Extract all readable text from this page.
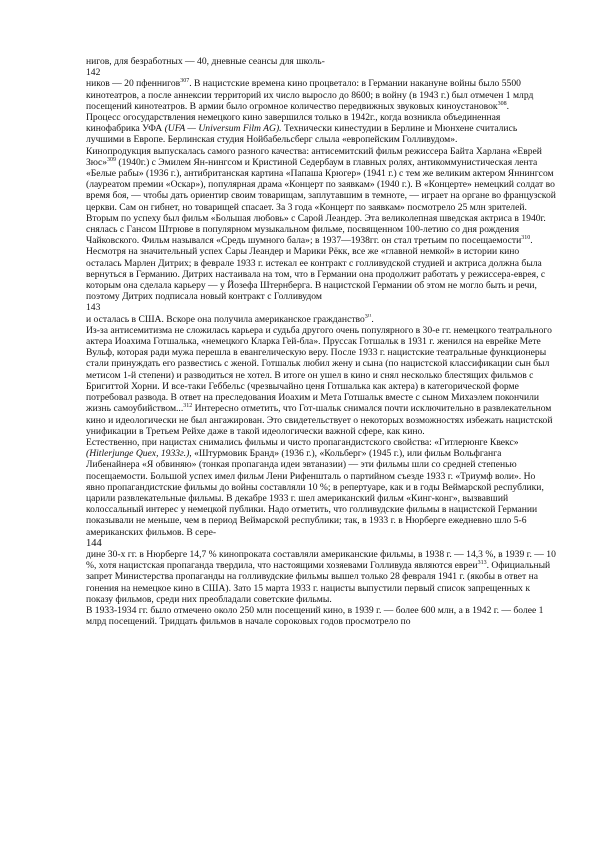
нигов, для безработных — 40, дневные сеансы для школь-

142

ников — 20 пфеннигов$^{307}$. В нацистские времена кино процветало: в Германии накануне войны было 5500 кинотеатров, а после аннексии территорий их число выросло до 8600; в войну (в 1943 г.) был отмечен 1 млрд посещений кинотеатров. В армии было огромное количество передвижных звуковых киноустановок$^{308}$.

Процесс огосударствления немецкого кино завершился только в 1942г., когда возникла объединенная кинофабрика УФА (UFA — Universum Film AG). Технически кинестудии в Берлине и Мюнхене считались лучшими в Европе. Берлинская студия Нойбабельсберг слыла «европейским Голливудом».

Кинопродукция выпускалась самого разного качества: антисемитский фильм режиссера Байта Харлана «Еврей Зюс»$^{309}$ (1940г.) с Эмилем Ян-нингсом и Кристиной Седербаум в главных ролях, антикоммунистическая лента «Белые рабы» (1936 г.), антибританская картина «Папаша Крюгер» (1941 г.) с тем же великим актером Яннингсом (лауреатом премии «Оскар»), популярная драма «Концерт по заявкам» (1940 г.). В «Концерте» немецкий солдат во время боя, — чтобы дать ориентир своим товарищам, заплутавшим в темноте, — играет на органе во французской церкви. Сам он гибнет, но товарищей спасает. За 3 года «Концерт по заявкам» посмотрело 25 млн зрителей. Вторым по успеху был фильм «Большая любовь» с Сарой Леандер. Эта великолепная шведская актриса в 1940г. снялась с Гансом Штрюве в популярном музыкальном фильме, посвященном 100-летию со дня рождения Чайковского. Фильм назывался «Средь шумного бала»; в 1937—1938гг. он стал третьим по посещаемости$^{310}$.

Несмотря на значительный успех Сары Леандер и Марики Рёкк, все же «главной немкой» в истории кино осталась Марлен Дитрих; в феврале 1933 г. истекал ее контракт с голливудской студией и актриса должна была вернуться в Германию. Дитрих настаивала на том, что в Германии она продолжит работать у режиссера-еврея, с которым она сделала карьеру — у Йозефа Штернберга. В нацистской Германии об этом не могло быть и речи, поэтому Дитрих подписала новый контракт с Голливудом

143

и осталась в США. Вскоре она получила американское гражданство$^{3^{11}}$.

Из-за антисемитизма не сложилась карьера и судьба другого очень популярного в 30-е гг. немецкого театрального актера Иоахима Готшалька, «немецкого Кларка Гей-бла». Пруссак Готшальк в 1931 г. женился на еврейке Мете Вульф, которая ради мужа перешла в евангелическую веру. После 1933 г. нацистские театральные функционеры стали принуждать его развестись с женой. Готшальк любил жену и сына (по нацистской классификации сын был метисом 1-й степени) и разводиться не хотел. В итоге он ушел в кино и снял несколько блестящих фильмов с Бригиттой Хорни. И все-таки Геббельс (чрезвычайно ценя Готшалька как актера) в категорической форме потребовал развода. В ответ на преследования Иоахим и Мета Готшальк вместе с сыном Михаэлем покончили жизнь самоубийством...$^{312}$ Интересно отметить, что Гот-шальк снимался почти исключительно в развлекательном кино и идеологически не был ангажирован. Это свидетельствует о некоторых возможностях избежать нацистской унификации в Третьем Рейхе даже в такой идеологически важной сфере, как кино.

Естественно, при нацистах снимались фильмы и чисто пропагандистского свойства: «Гитлерюнге Квекс» (Hitlerjunge Quex, 1933г.), «Штурмовик Бранд» (1936 г.), «Кольберг» (1945 г.), или фильм Вольфганга Либенайнера «Я обвиняю» (тонкая пропаганда идеи эвтаназии) — эти фильмы шли со средней степенью посещаемости. Большой успех имел фильм Лени Рифеншталь о партийном съезде 1933 г. «Триумф воли». Но явно пропагандистские фильмы до войны составляли 10 %; в репертуаре, как и в годы Веймарской республики, царили развлекательные фильмы. В декабре 1933 г. шел американский фильм «Кинг-конг», вызвавший колоссальный интерес у немецкой публики. Надо отметить, что голливудские фильмы в нацистской Германии показывали не меньше, чем в период Веймарской республики; так, в 1933 г. в Нюрберге ежедневно шло 5-6 американских фильмов. В сере-

144

дине 30-х гг. в Нюрберге 14,7 % кинопроката составляли американские фильмы, в 1938 г. — 14,3 %, в 1939 г. — 10 %, хотя нацистская пропаганда твердила, что настоящими хозяевами Голливуда являются евреи$^{313}$. Официальный запрет Министерства пропаганды на голливудские фильмы вышел только 28 февраля 1941 г. (якобы в ответ на гонения на немецкое кино в США). Зато 15 марта 1933 г. нацисты выпустили первый список запрещенных к показу фильмов, среди них преобладали советские фильмы.

В 1933-1934 гг. было отмечено около 250 млн посещений кино, в 1939 г. — более 600 млн, а в 1942 г. — более 1 млрд посещений. Тридцать фильмов в начале сороковых годов просмотрело по
